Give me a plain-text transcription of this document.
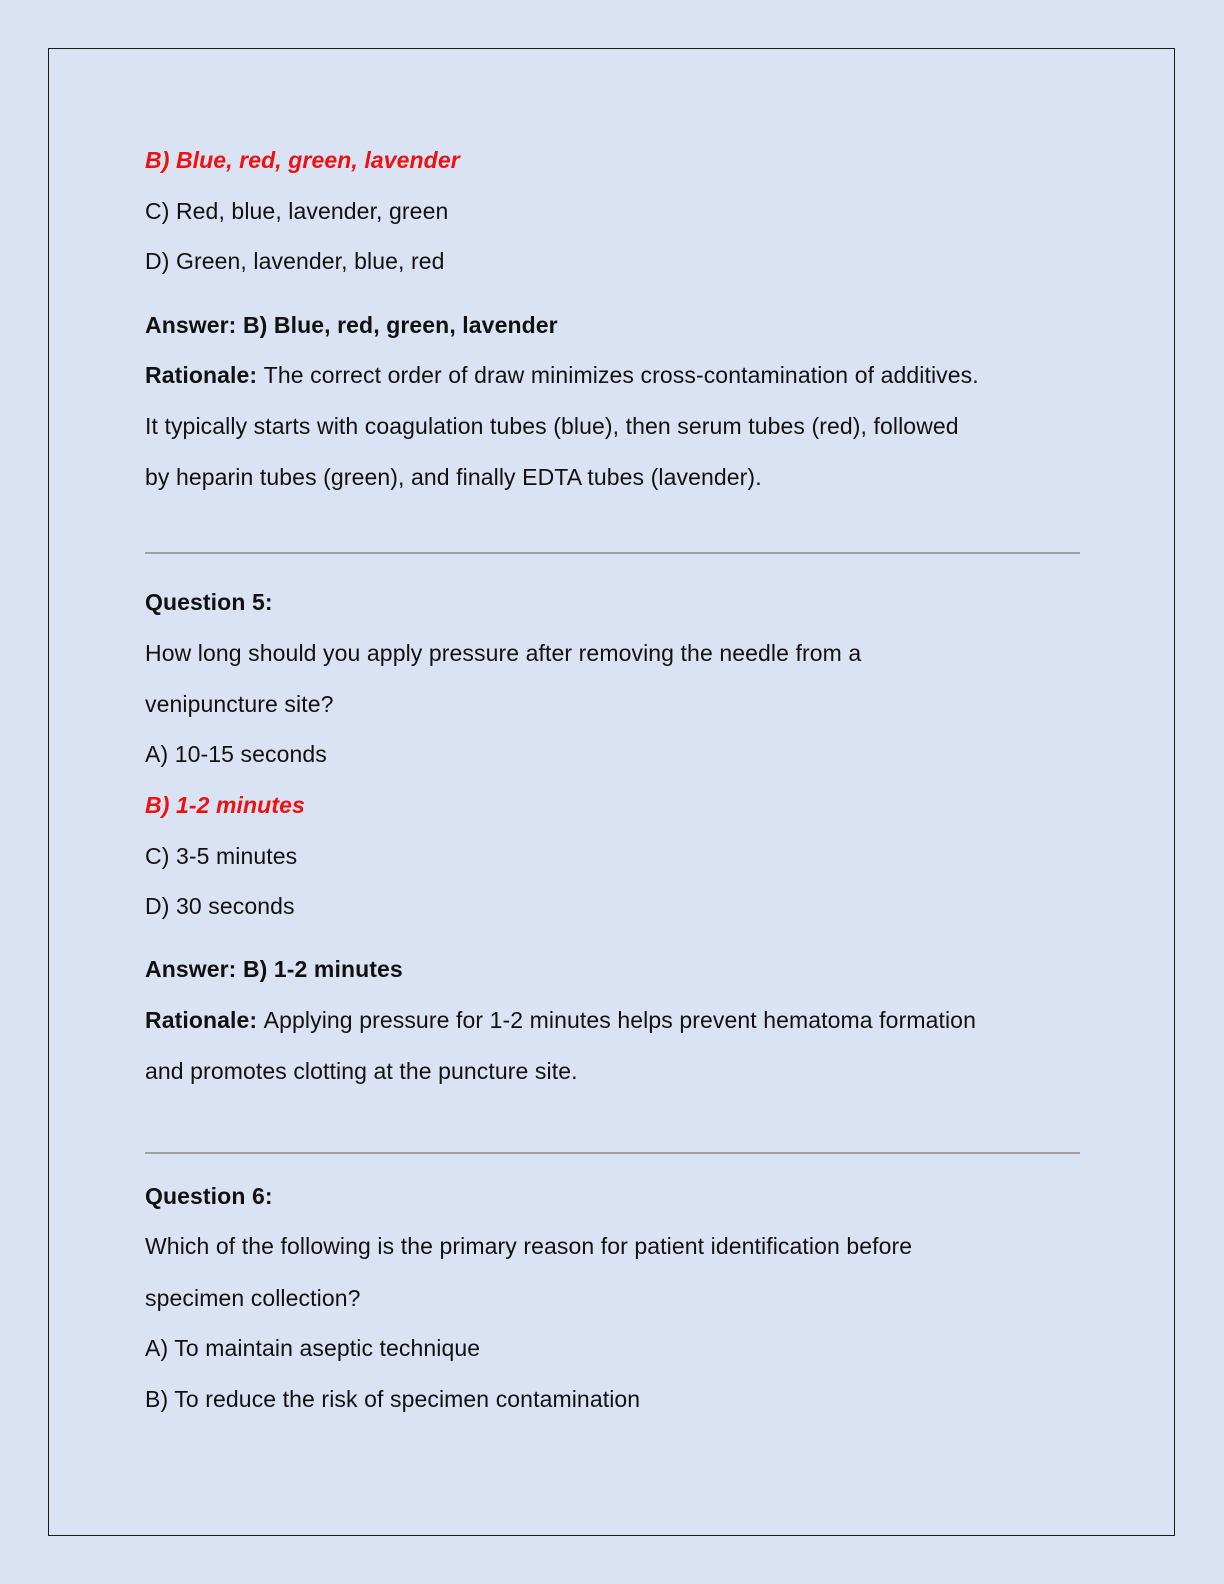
B) Blue, red, green, lavender
C) Red, blue, lavender, green
D) Green, lavender, blue, red
Answer: B) Blue, red, green, lavender
Rationale: The correct order of draw minimizes cross-contamination of additives.
It typically starts with coagulation tubes (blue), then serum tubes (red), followed
by heparin tubes (green), and finally EDTA tubes (lavender).
Question 5:
How long should you apply pressure after removing the needle from a
venipuncture site?
A) 10-15 seconds
B) 1-2 minutes
C) 3-5 minutes
D) 30 seconds
Answer: B) 1-2 minutes
Rationale: Applying pressure for 1-2 minutes helps prevent hematoma formation
and promotes clotting at the puncture site.
Question 6:
Which of the following is the primary reason for patient identification before
specimen collection?
A) To maintain aseptic technique
B) To reduce the risk of specimen contamination
